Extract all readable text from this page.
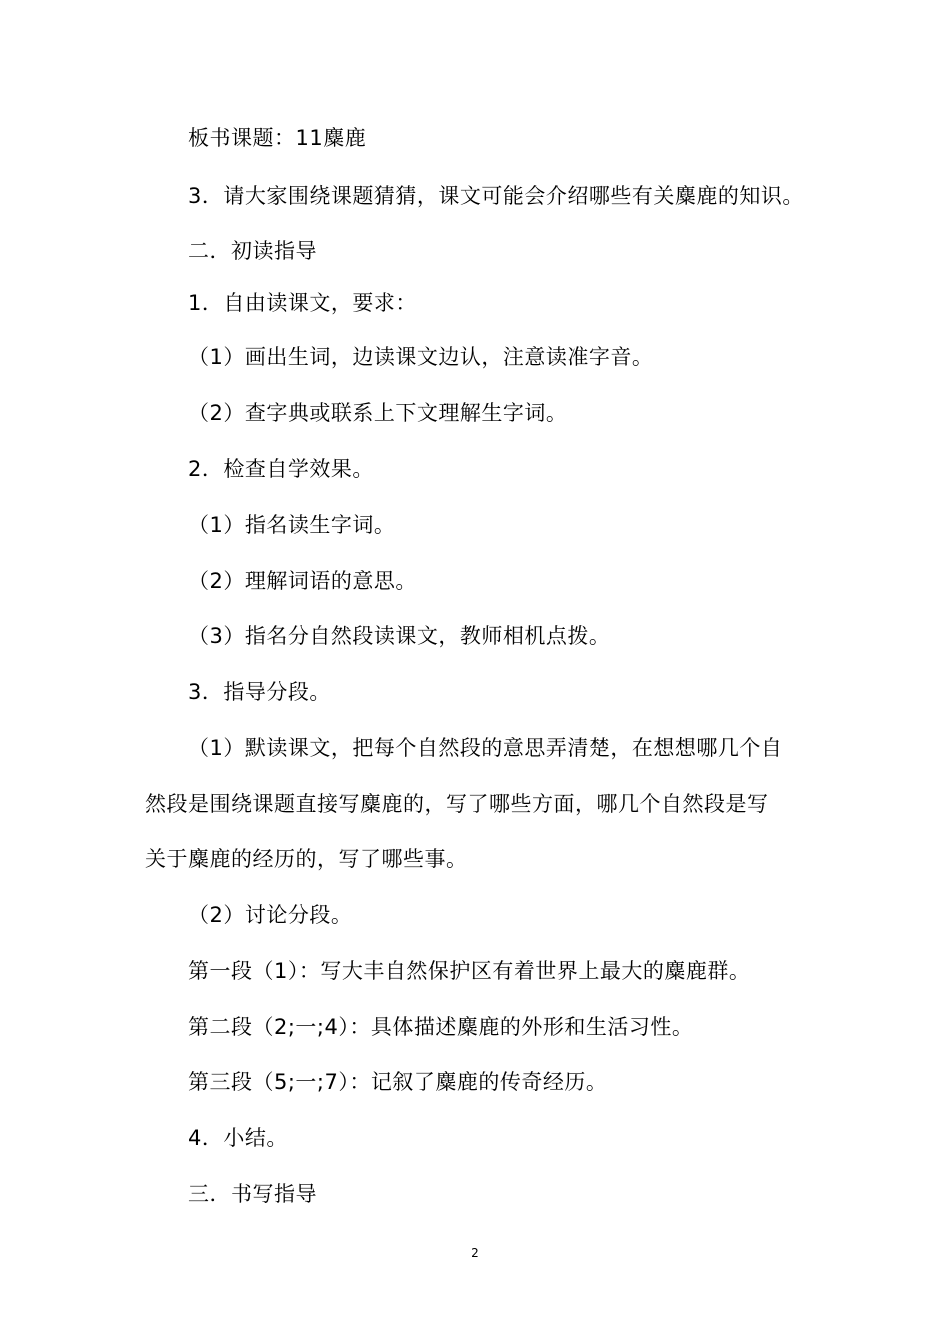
板书课题：11麋鹿
3．请大家围绕课题猜猜，课文可能会介绍哪些有关麋鹿的知识。
二．初读指导
1．自由读课文，要求：
（1）画出生词，边读课文边认，注意读准字音。
（2）查字典或联系上下文理解生字词。
2．检查自学效果。
（1）指名读生字词。
（2）理解词语的意思。
（3）指名分自然段读课文，教师相机点拨。
3．指导分段。
（1）默读课文，把每个自然段的意思弄清楚，在想想哪几个自
然段是围绕课题直接写麋鹿的，写了哪些方面，哪几个自然段是写
关于麋鹿的经历的，写了哪些事。
（2）讨论分段。
第一段（1）：写大丰自然保护区有着世界上最大的麋鹿群。
第二段（2;一;4）：具体描述麋鹿的外形和生活习性。
第三段（5;一;7）：记叙了麋鹿的传奇经历。
4．小结。
三．书写指导
2
